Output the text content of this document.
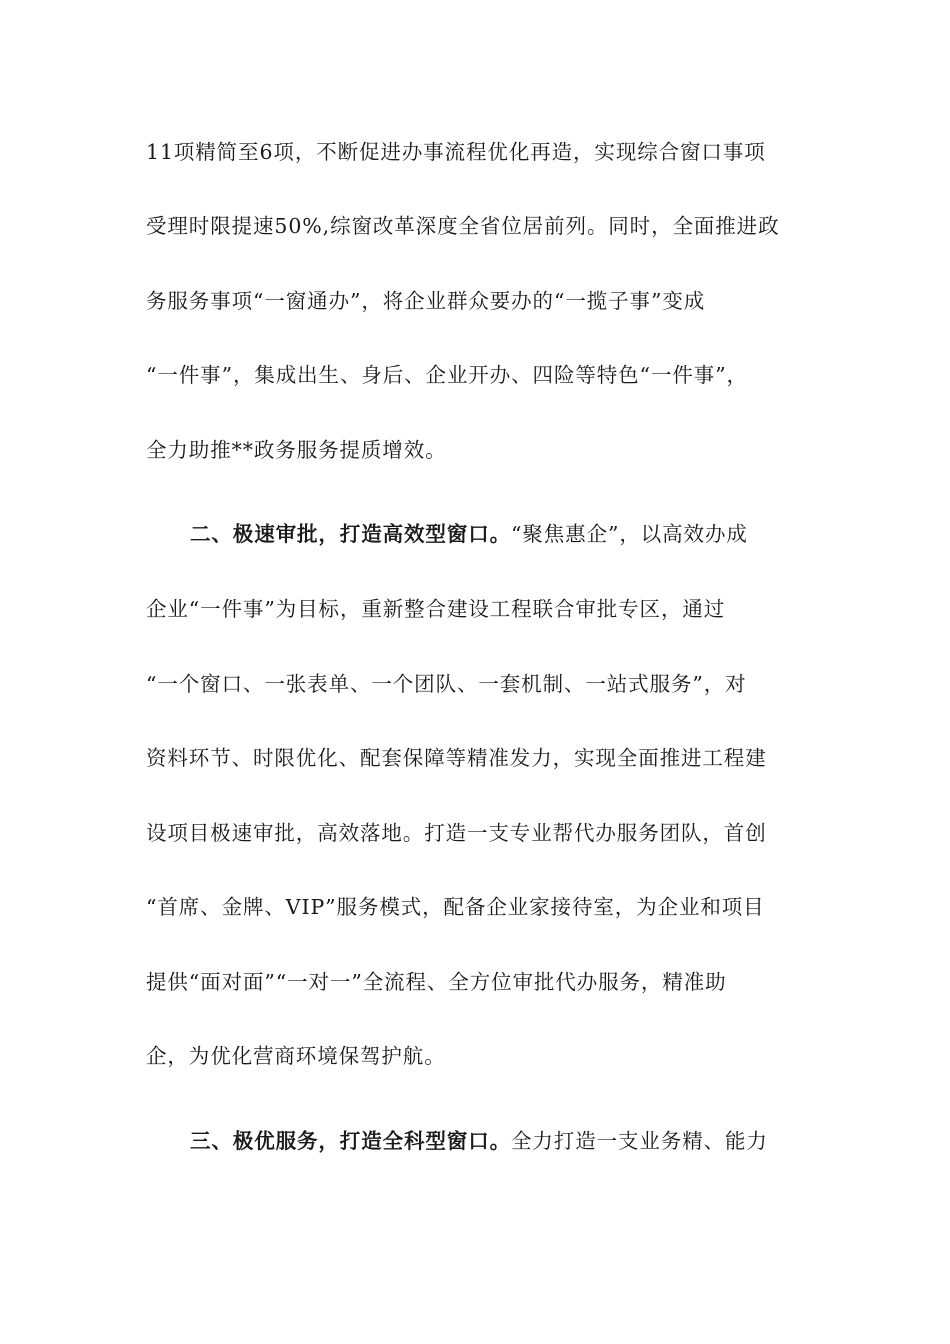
11项精简至6项，不断促进办事流程优化再造，实现综合窗口事项
受理时限提速50%,综窗改革深度全省位居前列。同时，全面推进政
务服务事项“一窗通办”，将企业群众要办的“一揽子事”变成
“一件事”，集成出生、身后、企业开办、四险等特色“一件事”，
全力助推**政务服务提质增效。
二、极速审批，打造高效型窗口。“聚焦惠企”，以高效办成
企业“一件事”为目标，重新整合建设工程联合审批专区，通过
“一个窗口、一张表单、一个团队、一套机制、一站式服务”，对
资料环节、时限优化、配套保障等精准发力，实现全面推进工程建
设项目极速审批，高效落地。打造一支专业帮代办服务团队，首创
“首席、金牌、VIP”服务模式，配备企业家接待室，为企业和项目
提供“面对面”“一对一”全流程、全方位审批代办服务，精准助
企，为优化营商环境保驾护航。
三、极优服务，打造全科型窗口。全力打造一支业务精、能力
